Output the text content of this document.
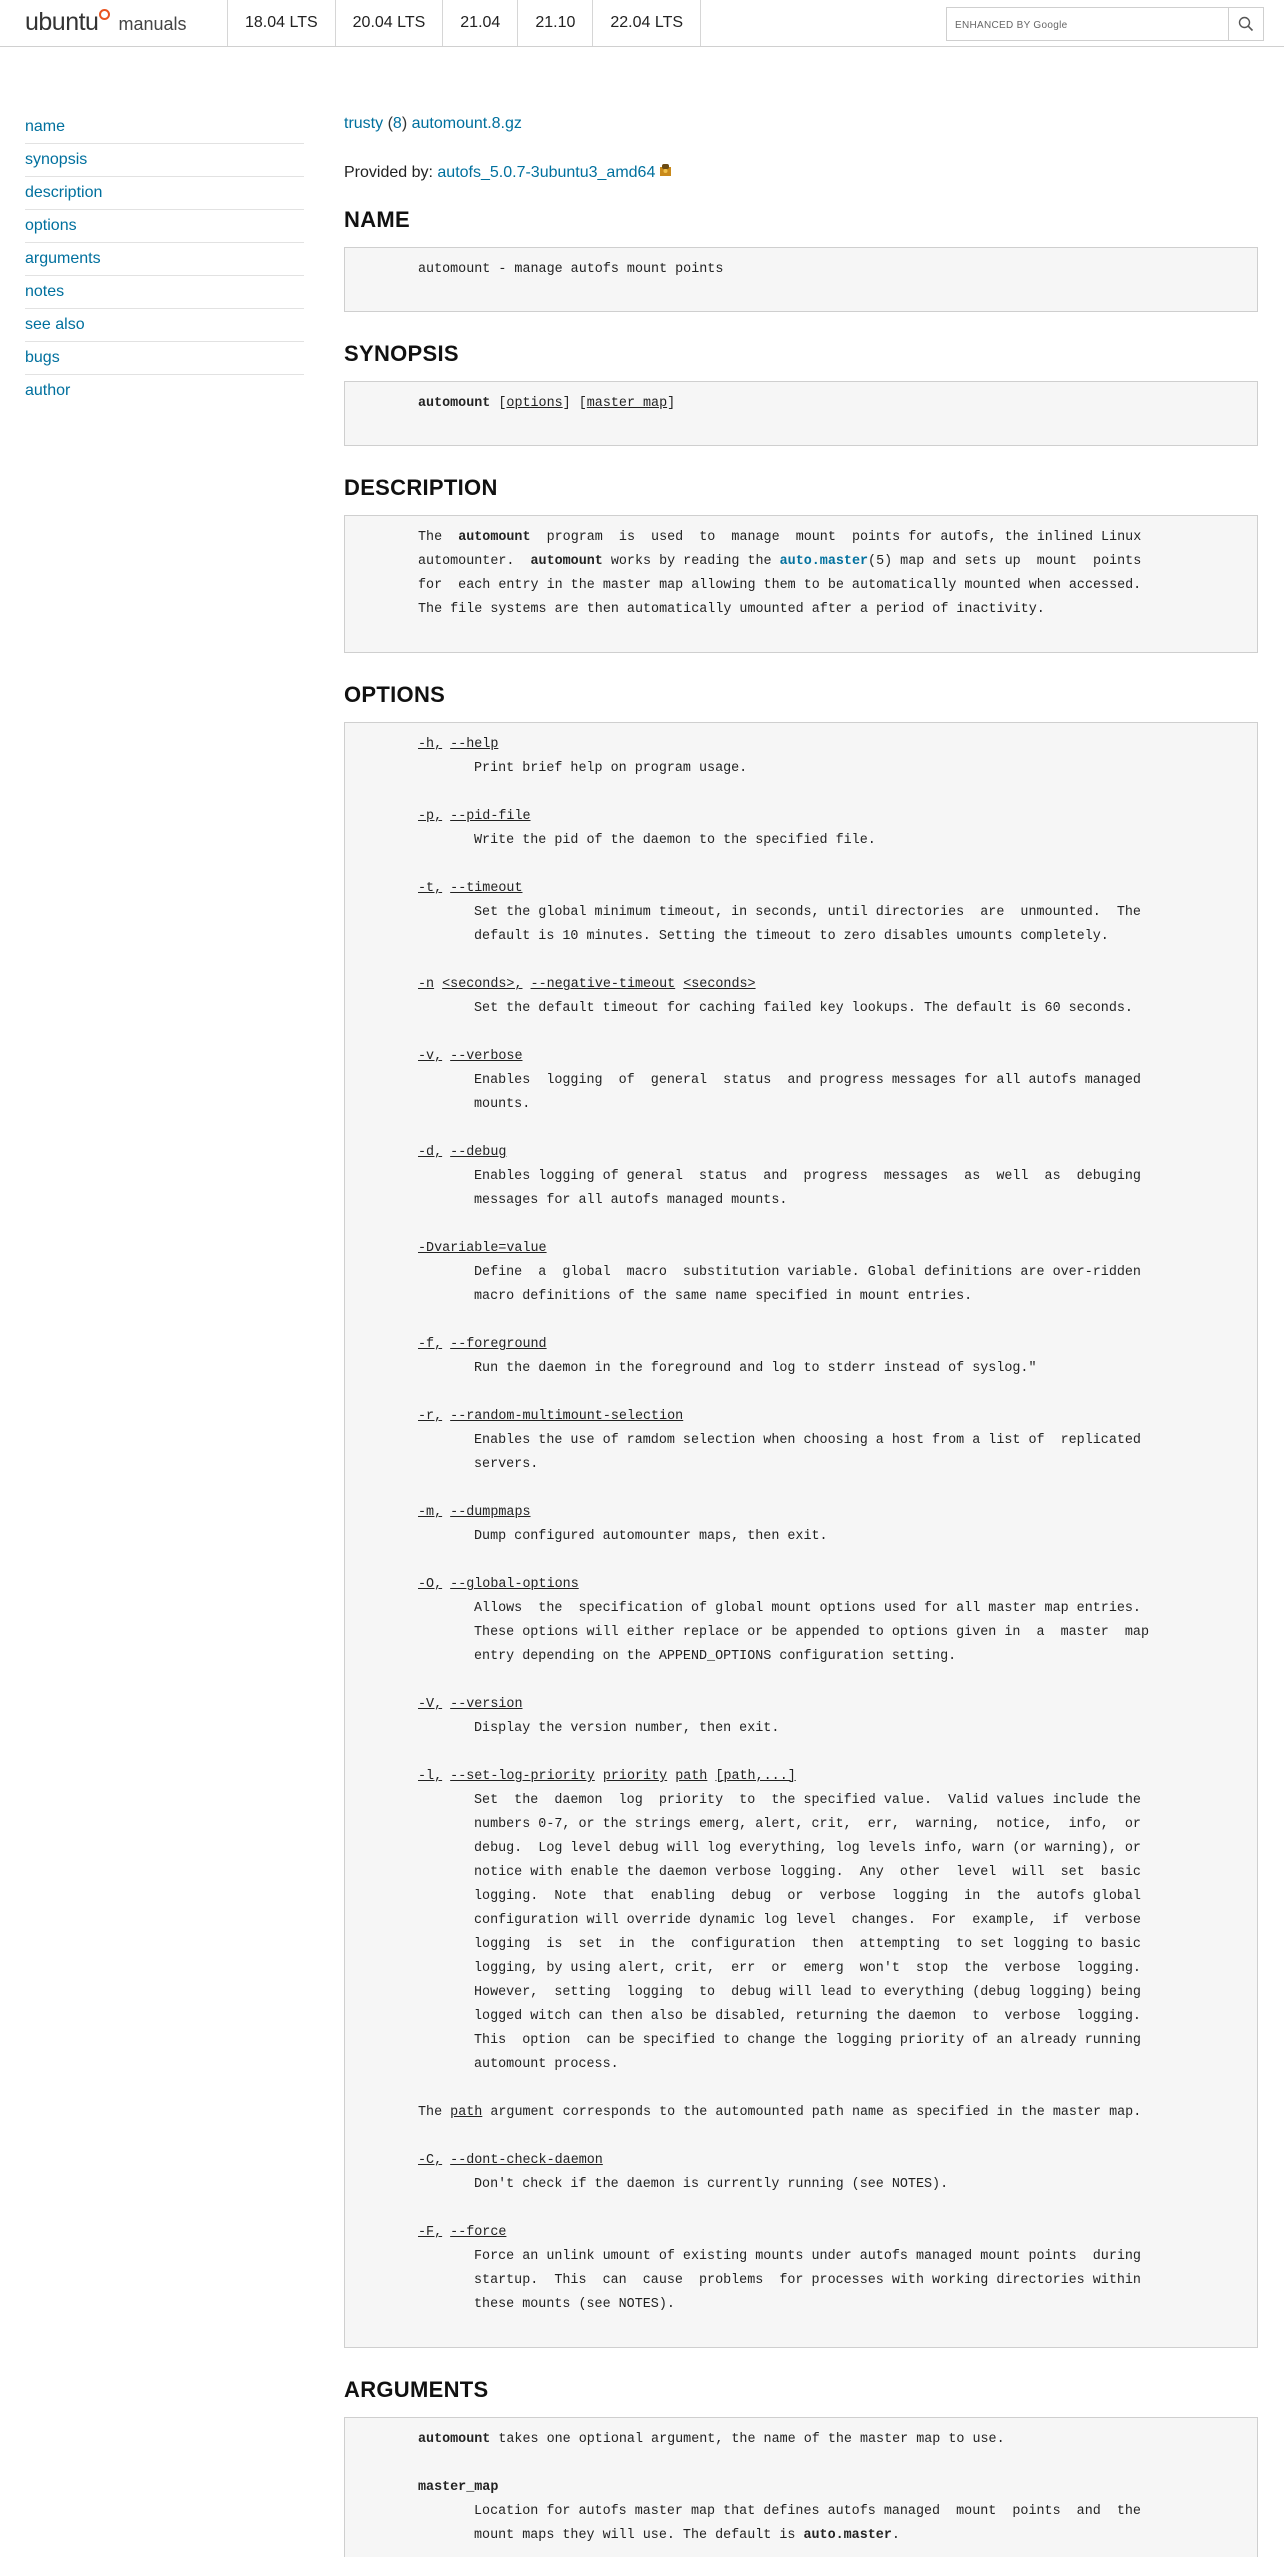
ubuntu manuals	18.04 LTS	20.04 LTS	21.04	21.10	22.04 LTS
ENHANCED BY Google
name
synopsis
description
options
arguments
notes
see also
bugs
author
trusty (8) automount.8.gz
Provided by: autofs_5.0.7-3ubuntu3_amd64
NAME
automount - manage autofs mount points
SYNOPSIS
automount [options] [master map]
DESCRIPTION
The  automount  program  is  used  to  manage  mount  points for autofs, the inlined Linux
automounter.  automount works by reading the auto.master(5) map and sets up  mount  points
for  each entry in the master map allowing them to be automatically mounted when accessed.
The file systems are then automatically umounted after a period of inactivity.
OPTIONS
-h, --help
Print brief help on program usage.
-p, --pid-file
Write the pid of the daemon to the specified file.
-t, --timeout
Set the global minimum timeout, in seconds, until directories  are  unmounted.  The
default is 10 minutes. Setting the timeout to zero disables umounts completely.
-n <seconds>, --negative-timeout <seconds>
Set the default timeout for caching failed key lookups. The default is 60 seconds.
-v, --verbose
Enables  logging  of  general  status  and progress messages for all autofs managed
mounts.
-d, --debug
Enables logging of general  status  and  progress  messages  as  well  as  debuging
messages for all autofs managed mounts.
-Dvariable=value
Define  a  global  macro  substitution variable. Global definitions are over-ridden
macro definitions of the same name specified in mount entries.
-f, --foreground
Run the daemon in the foreground and log to stderr instead of syslog."
-r, --random-multimount-selection
Enables the use of ramdom selection when choosing a host from a list of  replicated
servers.
-m, --dumpmaps
Dump configured automounter maps, then exit.
-O, --global-options
Allows  the  specification of global mount options used for all master map entries.
These options will either replace or be appended to options given in  a  master  map
entry depending on the APPEND_OPTIONS configuration setting.
-V, --version
Display the version number, then exit.
-l, --set-log-priority priority path [path,...]
Set  the  daemon  log  priority  to  the specified value.  Valid values include the
numbers 0-7, or the strings emerg, alert, crit,  err,  warning,  notice,  info,  or
debug.  Log level debug will log everything, log levels info, warn (or warning), or
notice with enable the daemon verbose logging.  Any  other  level  will  set  basic
logging.  Note  that  enabling  debug  or  verbose  logging  in  the  autofs global
configuration will override dynamic log level  changes.  For  example,  if  verbose
logging  is  set  in  the  configuration  then  attempting  to set logging to basic
logging, by using alert, crit,  err  or  emerg  won't  stop  the  verbose  logging.
However,  setting  logging  to  debug will lead to everything (debug logging) being
logged witch can then also be disabled, returning the daemon  to  verbose  logging.
This  option  can be specified to change the logging priority of an already running
automount process.
The path argument corresponds to the automounted path name as specified in the master map.
-C, --dont-check-daemon
Don't check if the daemon is currently running (see NOTES).
-F, --force
Force an unlink umount of existing mounts under autofs managed mount points  during
startup.  This  can  cause  problems  for processes with working directories within
these mounts (see NOTES).
ARGUMENTS
automount takes one optional argument, the name of the master map to use.
master_map
Location for autofs master map that defines autofs managed  mount  points  and  the
mount maps they will use. The default is auto.master.
